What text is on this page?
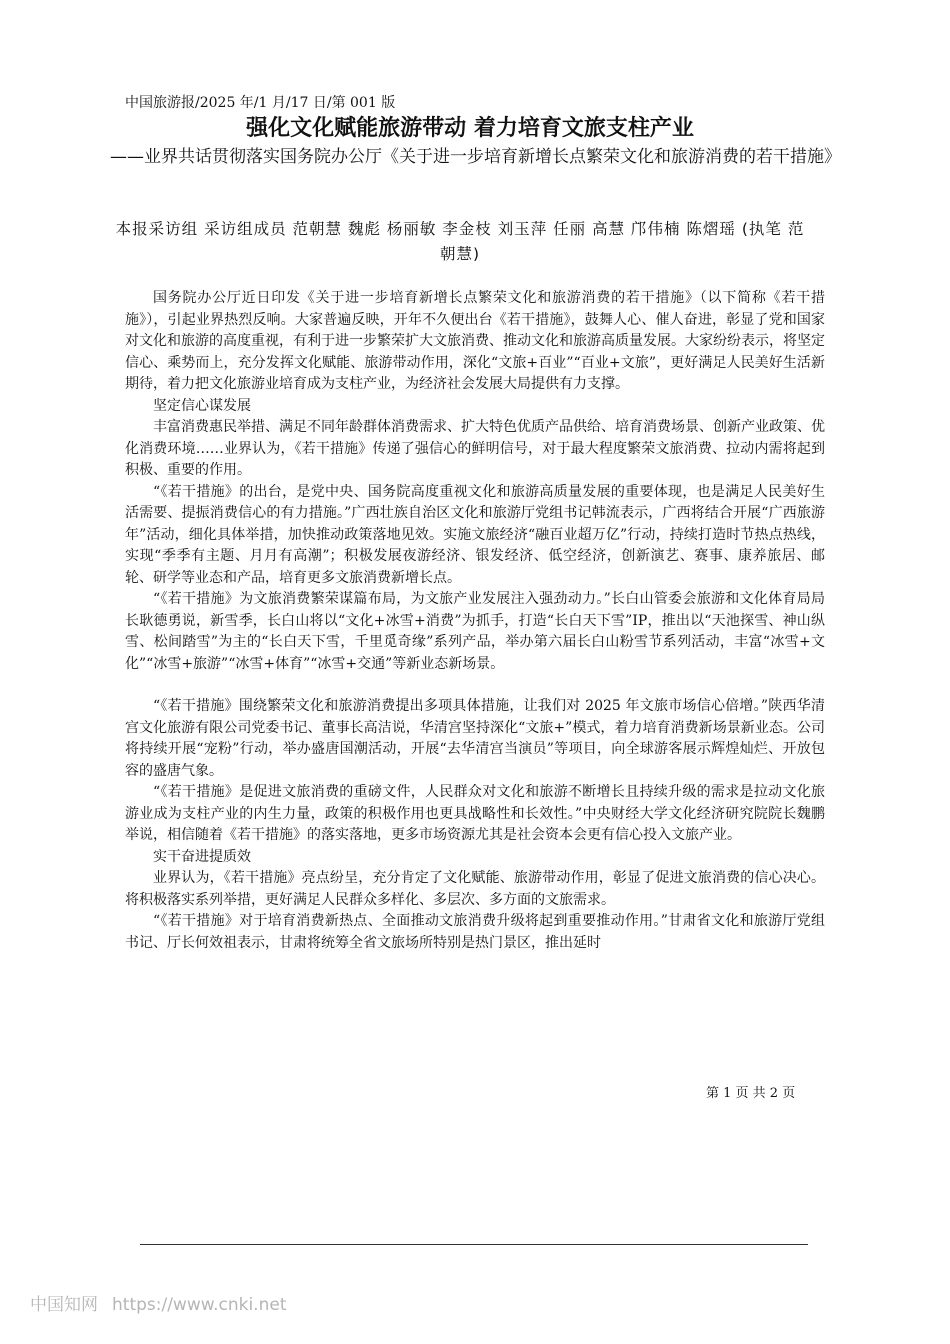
中国旅游报/2025 年/1 月/17 日/第 001 版
强化文化赋能旅游带动 着力培育文旅支柱产业
——业界共话贯彻落实国务院办公厅《关于进一步培育新增长点繁荣文化和旅游消费的若干措施》
本报采访组 采访组成员 范朝慧 魏彪 杨丽敏 李金枝 刘玉萍 任丽 高慧 邝伟楠 陈熠瑶 (执笔 范朝慧)

国务院办公厅近日印发《关于进一步培育新增长点繁荣文化和旅游消费的若干措施》（以下简称《若干措施》），引起业界热烈反响。大家普遍反映，开年不久便出台《若干措施》，鼓舞人心、催人奋进，彰显了党和国家对文化和旅游的高度重视，有利于进一步繁荣扩大文旅消费、推动文化和旅游高质量发展。大家纷纷表示，将坚定信心、乘势而上，充分发挥文化赋能、旅游带动作用，深化“文旅+百业”“百业+文旅”，更好满足人民美好生活新期待，着力把文化旅游业培育成为支柱产业，为经济社会发展大局提供有力支撑。

坚定信心谋发展

丰富消费惠民举措、满足不同年龄群体消费需求、扩大特色优质产品供给、培育消费场景、创新产业政策、优化消费环境……业界认为，《若干措施》传递了强信心的鲜明信号，对于最大程度繁荣文旅消费、拉动内需将起到积极、重要的作用。

“《若干措施》的出台，是党中央、国务院高度重视文化和旅游高质量发展的重要体现，也是满足人民美好生活需要、提振消费信心的有力措施。”广西壮族自治区文化和旅游厅党组书记韩流表示，广西将结合开展“广西旅游年”活动，细化具体举措，加快推动政策落地见效。实施文旅经济“融百业超万亿”行动，持续打造时节热点热线，实现“季季有主题、月月有高潮”；积极发展夜游经济、银发经济、低空经济，创新演艺、赛事、康养旅居、邮轮、研学等业态和产品，培育更多文旅消费新增长点。

“《若干措施》为文旅消费繁荣谋篇布局，为文旅产业发展注入强劲动力。”长白山管委会旅游和文化体育局局长耿德勇说，新雪季，长白山将以“文化+冰雪+消费”为抓手，打造“长白天下雪”IP，推出以“天池探雪、神山纵雪、松间踏雪”为主的“长白天下雪，千里觅奇缘”系列产品，举办第六届长白山粉雪节系列活动，丰富“冰雪+文化”“冰雪+旅游”“冰雪+体育”“冰雪+交通”等新业态新场景。

“《若干措施》围绕繁荣文化和旅游消费提出多项具体措施，让我们对 2025 年文旅市场信心倍增。”陕西华清宫文化旅游有限公司党委书记、董事长高洁说，华清宫坚持深化“文旅+”模式，着力培育消费新场景新业态。公司将持续开展“宠粉”行动，举办盛唐国潮活动，开展“去华清宫当演员”等项目，向全球游客展示辉煌灿烂、开放包容的盛唐气象。

“《若干措施》是促进文旅消费的重磅文件，人民群众对文化和旅游不断增长且持续升级的需求是拉动文化旅游业成为支柱产业的内生力量，政策的积极作用也更具战略性和长效性。”中央财经大学文化经济研究院院长魏鹏举说，相信随着《若干措施》的落实落地，更多市场资源尤其是社会资本会更有信心投入文旅产业。

实干奋进提质效

业界认为，《若干措施》亮点纷呈，充分肯定了文化赋能、旅游带动作用，彰显了促进文旅消费的信心决心。将积极落实系列举措，更好满足人民群众多样化、多层次、多方面的文旅需求。

“《若干措施》对于培育消费新热点、全面推动文旅消费升级将起到重要推动作用。”甘肃省文化和旅游厅党组书记、厅长何效祖表示，甘肃将统筹全省文旅场所特别是热门景区，推出延时

第 1 页 共 2 页
中国知网 https://www.cnki.net
